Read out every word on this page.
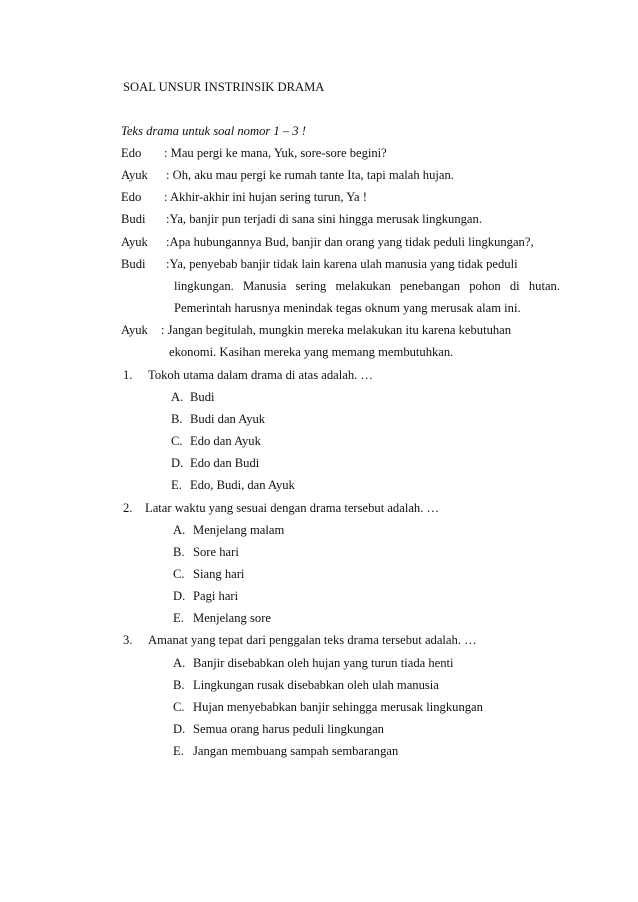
SOAL UNSUR INSTRINSIK DRAMA
Teks drama untuk soal nomor 1 – 3 !
Edo : Mau pergi ke mana, Yuk, sore-sore begini?
Ayuk : Oh, aku mau pergi ke rumah tante Ita, tapi malah hujan.
Edo : Akhir-akhir ini hujan sering turun, Ya !
Budi :Ya, banjir pun terjadi di sana sini hingga merusak lingkungan.
Ayuk :Apa hubungannya Bud, banjir dan orang yang tidak peduli lingkungan?,
Budi :Ya, penyebab banjir tidak lain karena ulah manusia yang tidak peduli
lingkungan. Manusia sering melakukan penebangan pohon di hutan.
Pemerintah harusnya menindak tegas oknum yang merusak alam ini.
Ayuk : Jangan begitulah, mungkin mereka melakukan itu karena kebutuhan
ekonomi. Kasihan mereka yang memang membutuhkan.
1. Tokoh utama dalam drama di atas adalah. …
A. Budi
B. Budi dan Ayuk
C. Edo dan Ayuk
D. Edo dan Budi
E. Edo, Budi, dan Ayuk
2. Latar waktu yang sesuai dengan drama tersebut adalah. …
A. Menjelang malam
B. Sore hari
C. Siang hari
D. Pagi hari
E. Menjelang sore
3. Amanat yang tepat dari penggalan teks drama tersebut adalah. …
A. Banjir disebabkan oleh hujan yang turun tiada henti
B. Lingkungan rusak disebabkan oleh ulah manusia
C. Hujan menyebabkan banjir sehingga merusak lingkungan
D. Semua orang harus peduli lingkungan
E. Jangan membuang sampah sembarangan
